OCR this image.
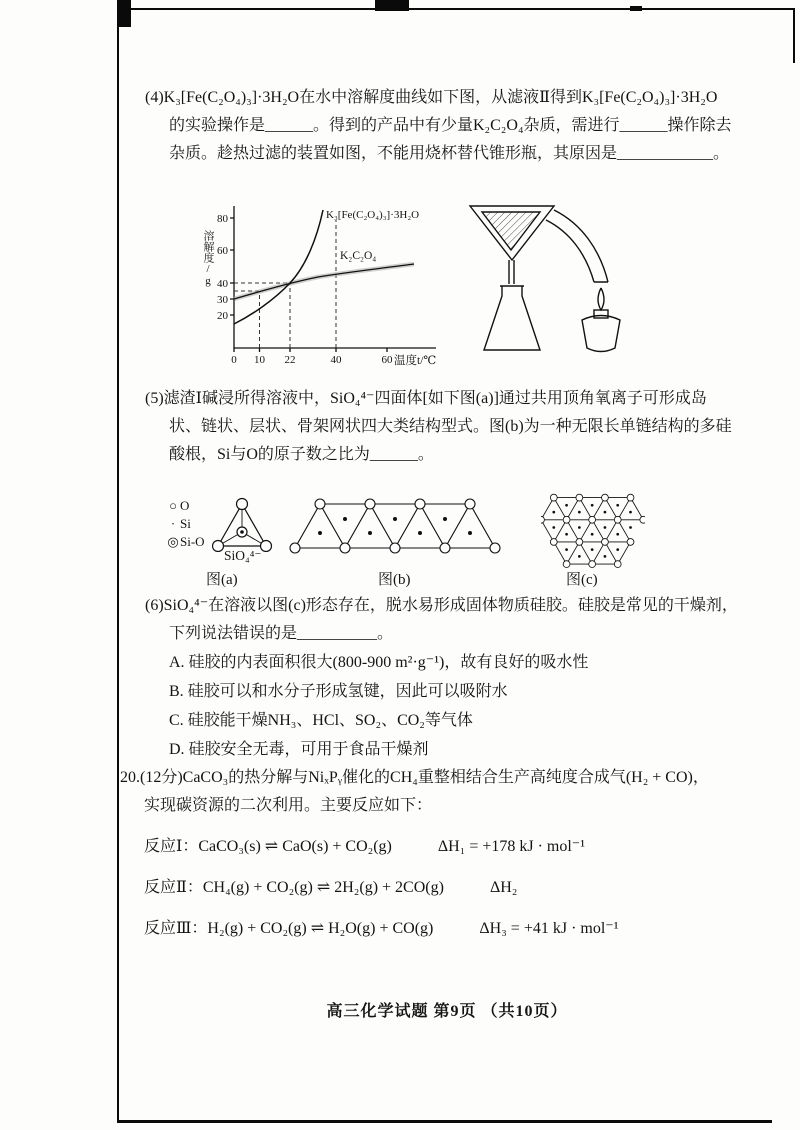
(4)K₃[Fe(C₂O₄)₃]·3H₂O在水中溶解度曲线如下图，从滤液Ⅱ得到K₃[Fe(C₂O₄)₃]·3H₂O
的实验操作是______。得到的产品中有少量K₂C₂O₄杂质，需进行______操作除去
杂质。趁热过滤的装置如图，不能用烧杯替代锥形瓶，其原因是____________。
K₃[Fe(C₂O₄)₃]·3H₂O
K₂C₂O₄
80
60
40
30
20
0 10 22	40	60
溶解度/g
温度t/℃
(5)滤渣Ⅰ碱浸所得溶液中，SiO₄⁴⁻四面体[如下图(a)]通过共用顶角氧离子可形成岛
状、链状、层状、骨架网状四大类结构型式。图(b)为一种无限长单链结构的多硅
酸根，Si与O的原子数之比为______。
○ O
· Si
◎Si-O
SiO₄⁴⁻
图(a)	图(b)	图(c)
(6)SiO₄⁴⁻在溶液以图(c)形态存在，脱水易形成固体物质硅胶。硅胶是常见的干燥剂，
下列说法错误的是__________。
A. 硅胶的内表面积很大(800-900 m²·g⁻¹)，故有良好的吸水性
B. 硅胶可以和水分子形成氢键，因此可以吸附水
C. 硅胶能干燥NH₃、HCl、SO₂、CO₂等气体
D. 硅胶安全无毒，可用于食品干燥剂
20.(12分)CaCO₃的热分解与NiₓPᵧ催化的CH₄重整相结合生产高纯度合成气(H₂ + CO)，
实现碳资源的二次利用。主要反应如下：
反应Ⅰ：CaCO₃(s) ⇌ CaO(s) + CO₂(g)	ΔH₁ = +178 kJ · mol⁻¹
反应Ⅱ：CH₄(g) + CO₂(g) ⇌ 2H₂(g) + 2CO(g)	ΔH₂
反应Ⅲ：H₂(g) + CO₂(g) ⇌ H₂O(g) + CO(g)	ΔH₃ = +41 kJ · mol⁻¹
高三化学试题 第9页 （共10页）
